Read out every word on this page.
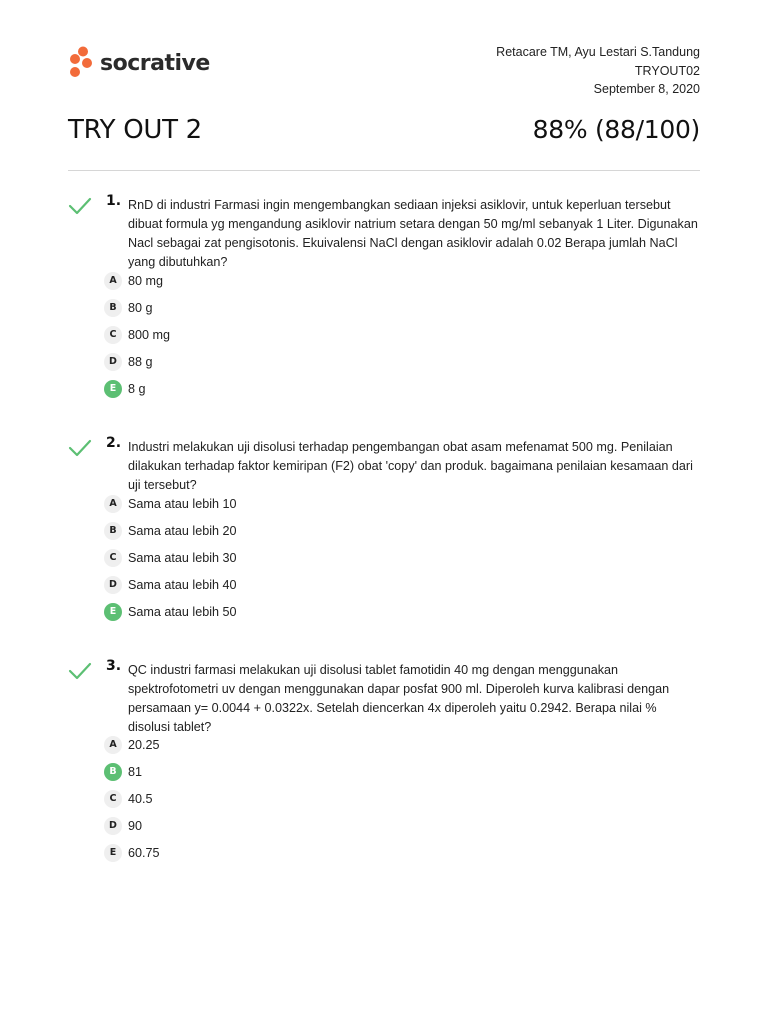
socrative	Retacare TM, Ayu Lestari S.Tandung
TRYOUT02
September 8, 2020
TRY OUT 2	88% (88/100)
1. RnD di industri Farmasi ingin mengembangkan sediaan injeksi asiklovir, untuk keperluan tersebut dibuat formula yg mengandung asiklovir natrium setara dengan 50 mg/ml sebanyak 1 Liter. Digunakan Nacl sebagai zat pengisotonis. Ekuivalensi NaCl dengan asiklovir adalah 0.02 Berapa jumlah NaCl yang dibutuhkan?
A 80 mg
B 80 g
C 800 mg
D 88 g
E 8 g
2. Industri melakukan uji disolusi terhadap pengembangan obat asam mefenamat 500 mg. Penilaian dilakukan terhadap faktor kemiripan (F2) obat 'copy' dan produk. bagaimana penilaian kesamaan dari uji tersebut?
A Sama atau lebih 10
B Sama atau lebih 20
C Sama atau lebih 30
D Sama atau lebih 40
E Sama atau lebih 50
3. QC industri farmasi melakukan uji disolusi tablet famotidin 40 mg dengan menggunakan spektrofotometri uv dengan menggunakan dapar posfat 900 ml. Diperoleh kurva kalibrasi dengan persamaan y= 0.0044 + 0.0322x. Setelah diencerkan 4x diperoleh yaitu 0.2942. Berapa nilai % disolusi tablet?
A 20.25
B 81
C 40.5
D 90
E 60.75
